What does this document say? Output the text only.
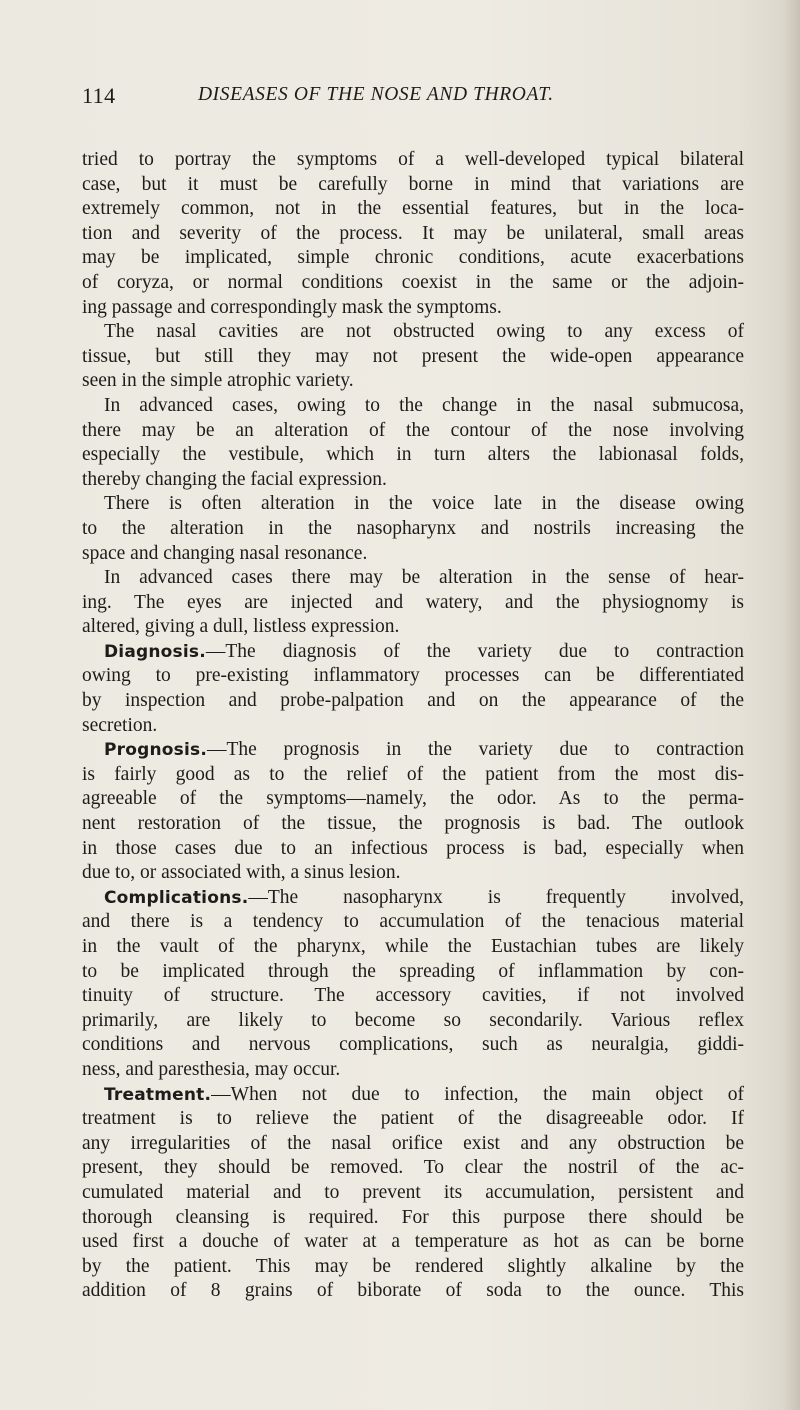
114	DISEASES OF THE NOSE AND THROAT.
tried to portray the symptoms of a well-developed typical bilateral
case, but it must be carefully borne in mind that variations are
extremely common, not in the essential features, but in the loca-
tion and severity of the process. It may be unilateral, small areas
may be implicated, simple chronic conditions, acute exacerbations
of coryza, or normal conditions coexist in the same or the adjoin-
ing passage and correspondingly mask the symptoms.
The nasal cavities are not obstructed owing to any excess of
tissue, but still they may not present the wide-open appearance
seen in the simple atrophic variety.
In advanced cases, owing to the change in the nasal submucosa,
there may be an alteration of the contour of the nose involving
especially the vestibule, which in turn alters the labionasal folds,
thereby changing the facial expression.
There is often alteration in the voice late in the disease owing
to the alteration in the nasopharynx and nostrils increasing the
space and changing nasal resonance.
In advanced cases there may be alteration in the sense of hear-
ing. The eyes are injected and watery, and the physiognomy is
altered, giving a dull, listless expression.
Diagnosis.—The diagnosis of the variety due to contraction
owing to pre-existing inflammatory processes can be differentiated
by inspection and probe-palpation and on the appearance of the
secretion.
Prognosis.—The prognosis in the variety due to contraction
is fairly good as to the relief of the patient from the most dis-
agreeable of the symptoms—namely, the odor. As to the perma-
nent restoration of the tissue, the prognosis is bad. The outlook
in those cases due to an infectious process is bad, especially when
due to, or associated with, a sinus lesion.
Complications.—The nasopharynx is frequently involved,
and there is a tendency to accumulation of the tenacious material
in the vault of the pharynx, while the Eustachian tubes are likely
to be implicated through the spreading of inflammation by con-
tinuity of structure. The accessory cavities, if not involved
primarily, are likely to become so secondarily. Various reflex
conditions and nervous complications, such as neuralgia, giddi-
ness, and paresthesia, may occur.
Treatment.—When not due to infection, the main object of
treatment is to relieve the patient of the disagreeable odor. If
any irregularities of the nasal orifice exist and any obstruction be
present, they should be removed. To clear the nostril of the ac-
cumulated material and to prevent its accumulation, persistent and
thorough cleansing is required. For this purpose there should be
used first a douche of water at a temperature as hot as can be borne
by the patient. This may be rendered slightly alkaline by the
addition of 8 grains of biborate of soda to the ounce. This
